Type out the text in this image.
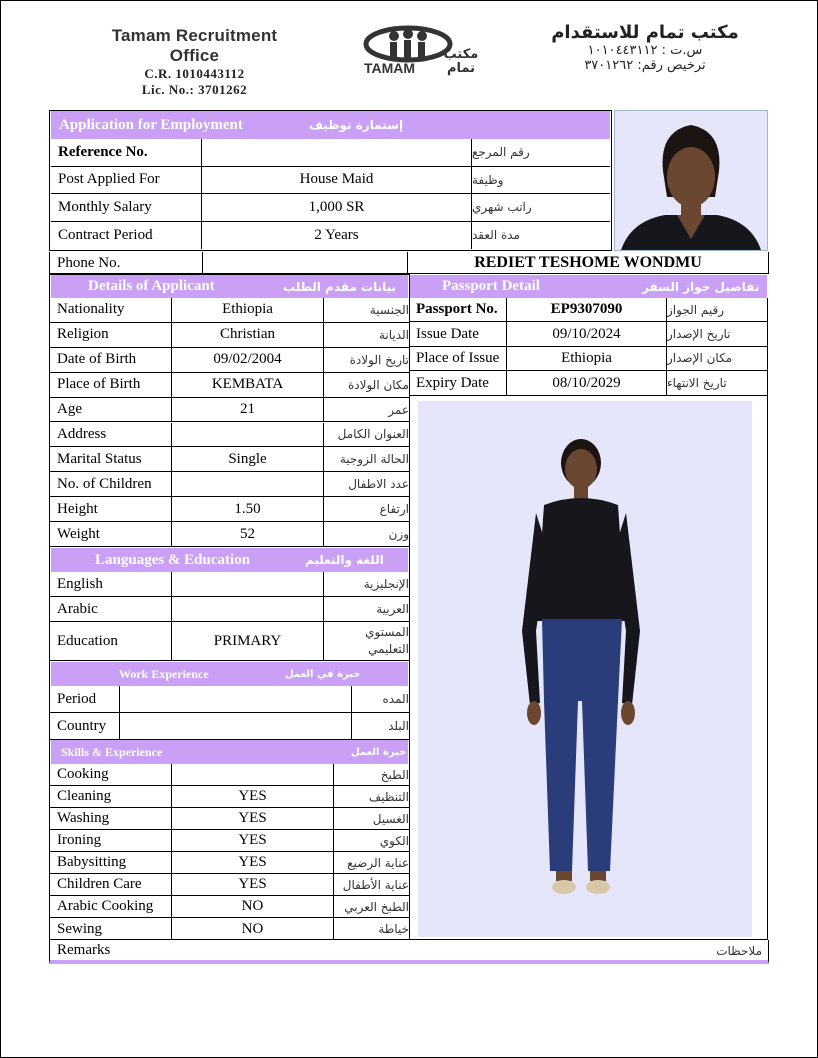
Tamam Recruitment Office
C.R. 1010443112
Lic. No.: 3701262
TAMAM
مكتب تمام
مكتب تمام للاستقدام
س.ت : ١٠١٠٤٤٣١١٢
ترخيص رقم: ٣٧٠١٢٦٢
Application for Employment	إستمارة توظيف
Reference No.	رقم المرجع
Post Applied For	House Maid	وظيفة
Monthly Salary	1,000 SR	راتب شهري
Contract Period	2 Years	مدة العقد
Phone No.	REDIET TESHOME WONDMU
Details of Applicant	بيانات مقدم الطلب
Nationality	Ethiopia	الجنسية
Religion	Christian	الديانة
Date of Birth	09/02/2004	تاريخ الولادة
Place of Birth	KEMBATA	مكان الولادة
Age	21	عمر
Address	العنوان الكامل
Marital Status	Single	الحالة الزوجية
No. of Children	عدد الاطفال
Height	1.50	ارتفاع
Weight	52	وزن
Languages & Education	اللغة والتعليم
English	الإنجليزية
Arabic	العربية
Education	PRIMARY
المستوي
التعليمي
Work Experience	خبرة في العمل
Period	المده
Country	البلد
Skills & Experience	خبرة العمل
Cooking	الطبخ
Cleaning	YES	التنظيف
Washing	YES	الغسيل
Ironing	YES	الكوي
Babysitting	YES	عناية الرضيع
Children Care	YES	عناية الأطفال
Arabic Cooking	NO	الطبخ العربي
Sewing	NO	خياطة
Passport Detail	تفاصيل جواز السفر
Passport No.	EP9307090	رقيم الجواز
Issue Date	09/10/2024	تاريخ الإصدار
Place of Issue	Ethiopia	مكان الإصدار
Expiry Date	08/10/2029	تاريخ الانتهاء
Remarks	ملاحظات
